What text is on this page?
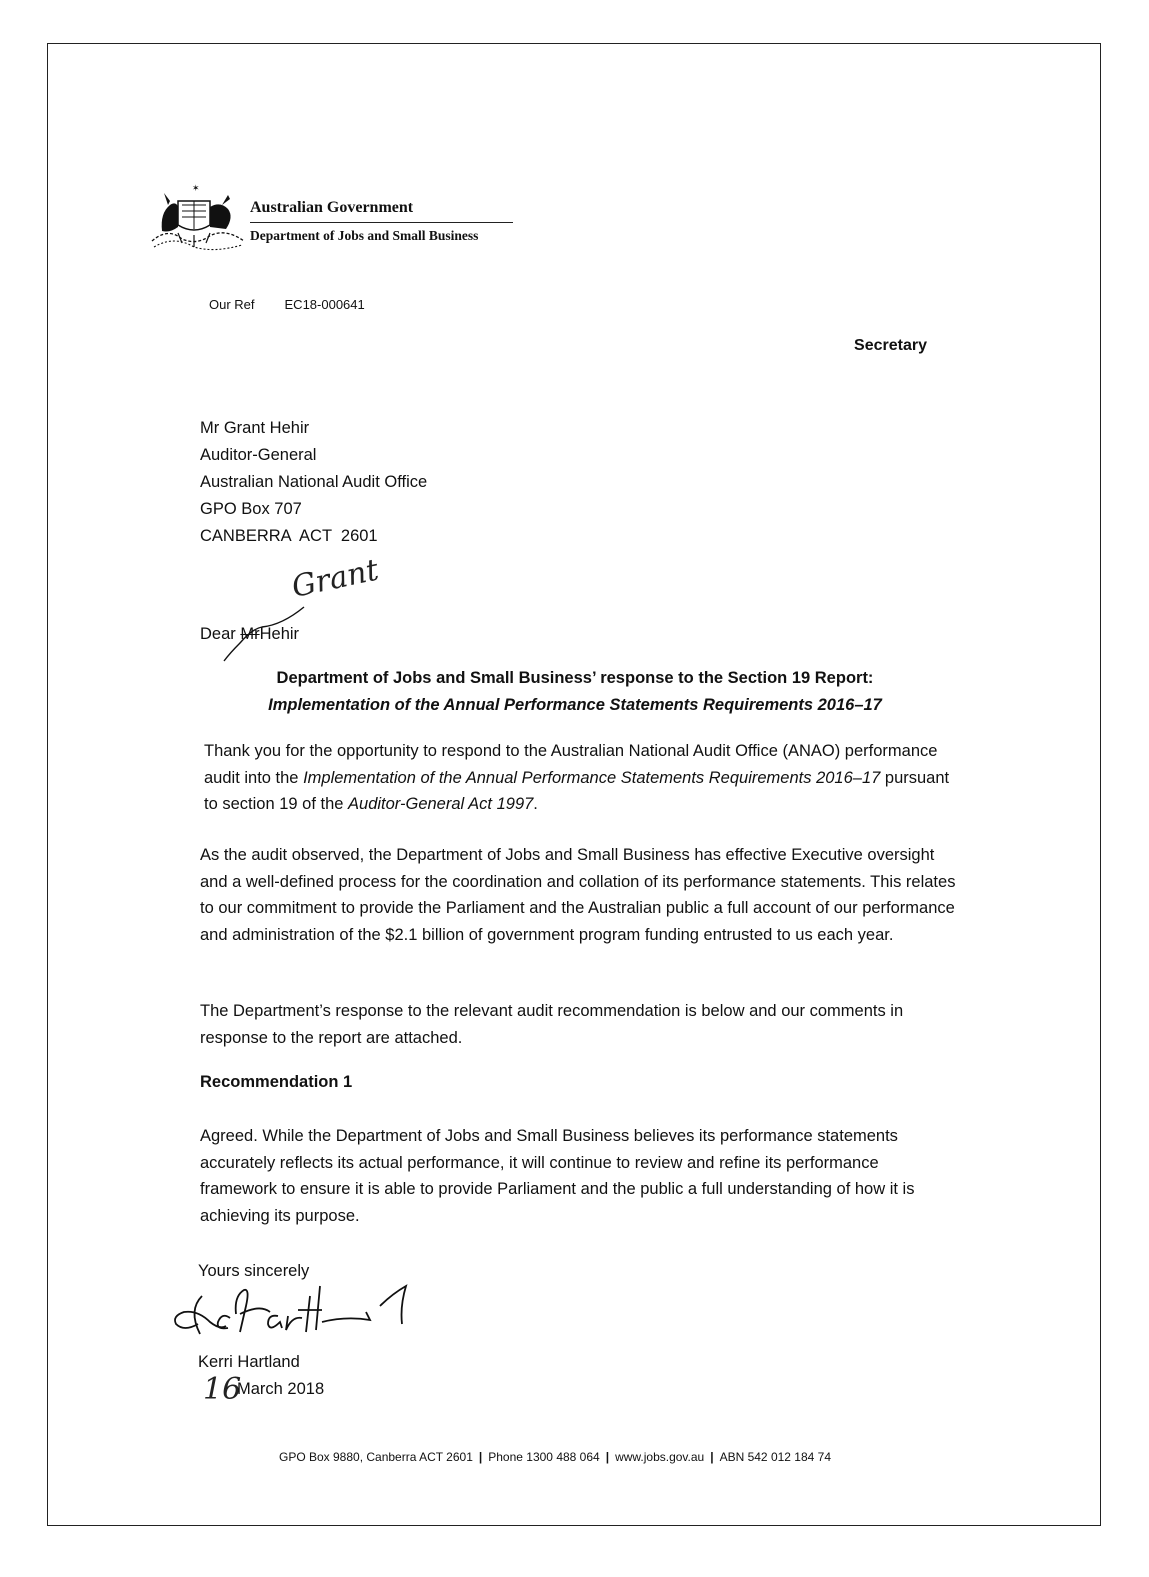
✶
Australian Government
Department of Jobs and Small Business
Our Ref EC18-000641
Secretary
Mr Grant Hehir
Auditor-General
Australian National Audit Office
GPO Box 707
CANBERRA  ACT  2601
Grant
Dear MrHehir
Department of Jobs and Small Business’ response to the Section 19 Report:
Implementation of the Annual Performance Statements Requirements 2016–17
Thank you for the opportunity to respond to the Australian National Audit Office (ANAO) performance audit into the Implementation of the Annual Performance Statements Requirements 2016–17 pursuant to section 19 of the Auditor-General Act 1997.
As the audit observed, the Department of Jobs and Small Business has effective Executive oversight and a well-defined process for the coordination and collation of its performance statements. This relates to our commitment to provide the Parliament and the Australian public a full account of our performance and administration of the $2.1 billion of government program funding entrusted to us each year.
The Department’s response to the relevant audit recommendation is below and our comments in response to the report are attached.
Recommendation 1
Agreed. While the Department of Jobs and Small Business believes its performance statements accurately reflects its actual performance, it will continue to review and refine its performance framework to ensure it is able to provide Parliament and the public a full understanding of how it is achieving its purpose.
Yours sincerely
Kerri Hartland
16
March 2018
GPO Box 9880, Canberra ACT 2601 | Phone 1300 488 064 | www.jobs.gov.au | ABN 542 012 184 74
